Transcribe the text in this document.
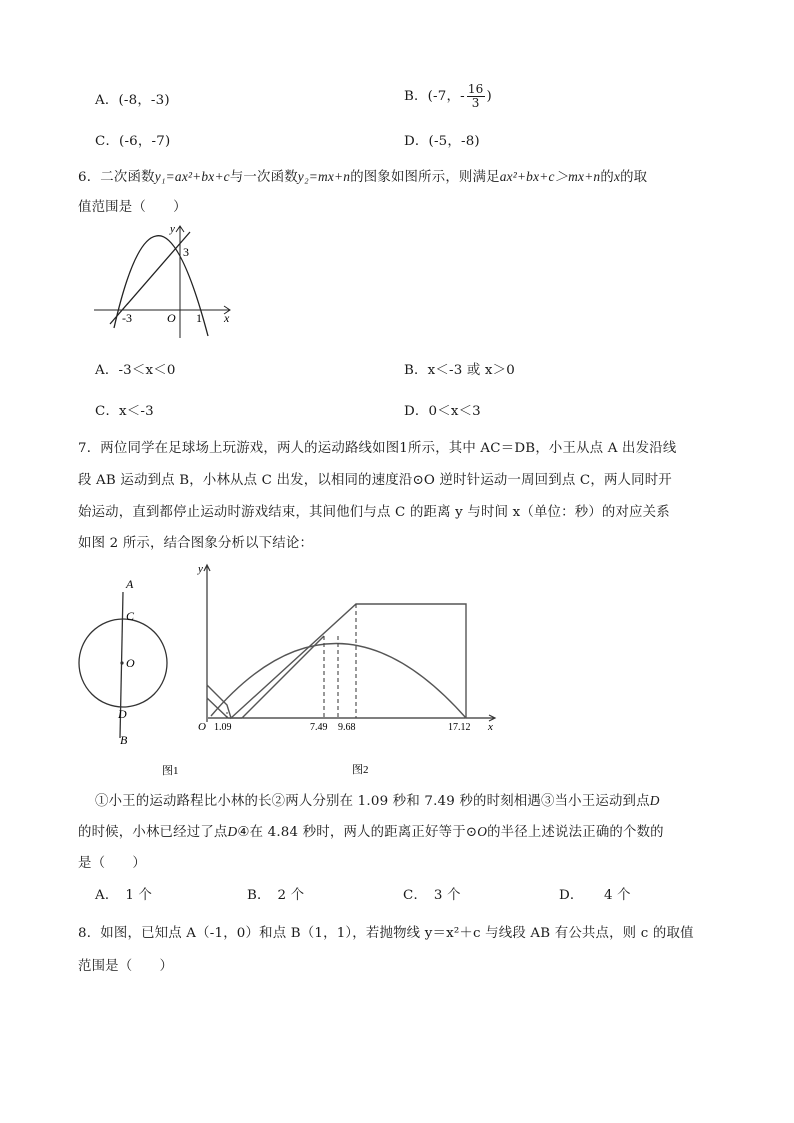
A．(-8，-3)	B．(-7，- $\frac{16}{3}$ )
C．(-6，-7)	D．(-5，-8)
6．二次函数y₁=ax²+bx+c与一次函数y₂=mx+n的图象如图所示，则满足ax²+bx+c＞mx+n的x的取
值范围是（　　）
y
3
-3	O 1 x
A．-3＜x＜0	B．x＜-3 或 x＞0
C．x＜-3	D．0＜x＜3
7．两位同学在足球场上玩游戏，两人的运动路线如图1所示，其中 AC＝DB，小王从点 A 出发沿线
段 AB 运动到点 B，小林从点 C 出发，以相同的速度沿⊙O 逆时针运动一周回到点 C，两人同时开
始运动，直到都停止运动时游戏结束，其间他们与点 C 的距离 y 与时间 x（单位：秒）的对应关系
如图 2 所示，结合图象分析以下结论：
A
C
O
D
B
图1
y
O 1.09	7.49 9.68	17.12 x
图2
①小王的运动路程比小林的长②两人分别在 1.09 秒和 7.49 秒的时刻相遇③当小王运动到点D
的时候，小林已经过了点D④在 4.84 秒时，两人的距离正好等于⊙O的半径上述说法正确的个数的
是（　　）
A．　1 个	B．　2 个	C．　3 个	D．　　4 个
8．如图，已知点 A（-1，0）和点 B（1，1），若抛物线 y＝x²＋c 与线段 AB 有公共点，则 c 的取值
范围是（　　）
